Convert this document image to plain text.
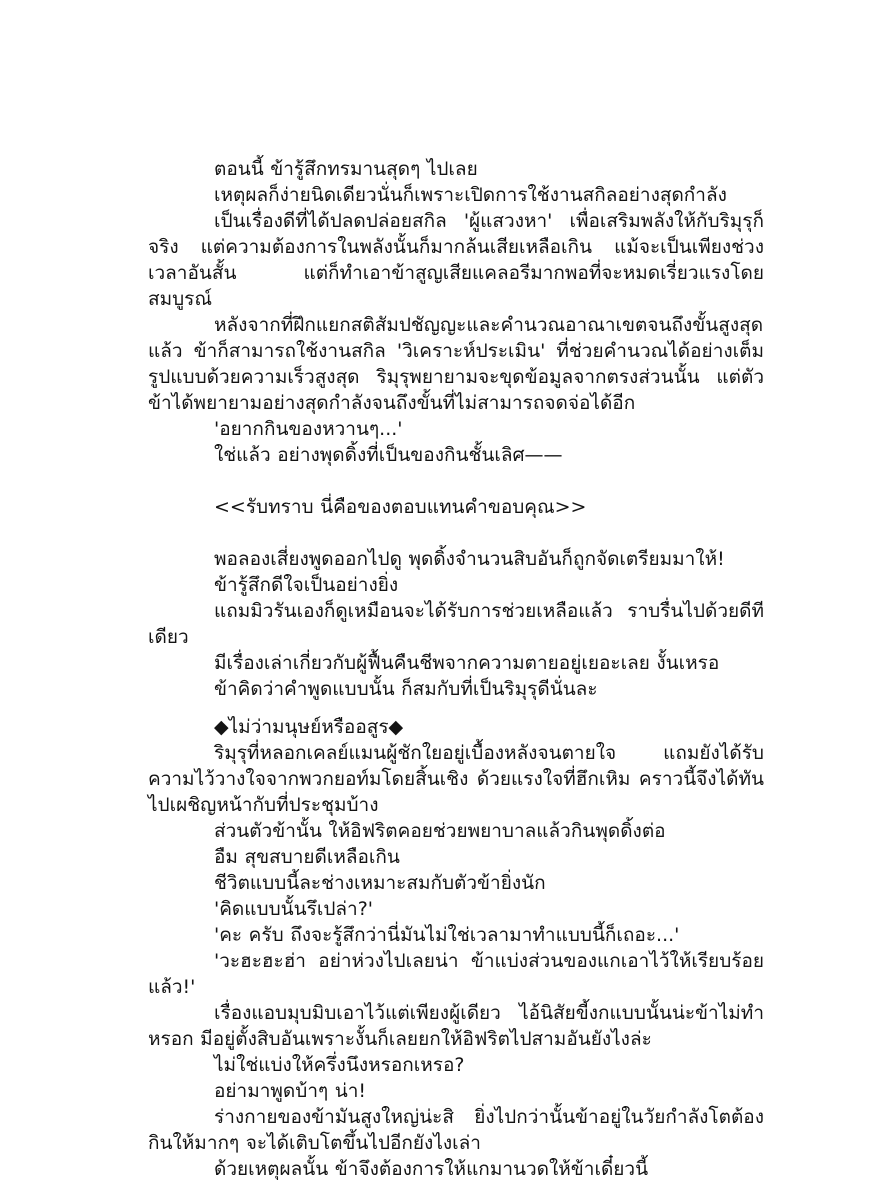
ตอนนี้ ข้ารู้สึกทรมานสุดๆ ไปเลย

เหตุผลก็ง่ายนิดเดียวนั่นก็เพราะเปิดการใช้งานสกิลอย่างสุดกำลัง

เป็นเรื่องดีที่ได้ปลดปล่อยสกิล 'ผู้แสวงหา' เพื่อเสริมพลังให้กับริมุรุก็จริง แต่ความต้องการในพลังนั้นก็มากล้นเสียเหลือเกิน แม้จะเป็นเพียงช่วงเวลาอันสั้น แต่ก็ทำเอาข้าสูญเสียแคลอรีมากพอที่จะหมดเรี่ยวแรงโดยสมบูรณ์

หลังจากที่ฝึกแยกสติสัมปชัญญะและคำนวณอาณาเขตจนถึงขั้นสูงสุดแล้ว ข้าก็สามารถใช้งานสกิล 'วิเคราะห์ประเมิน' ที่ช่วยคำนวณได้อย่างเต็มรูปแบบด้วยความเร็วสูงสุด ริมุรุพยายามจะขุดข้อมูลจากตรงส่วนนั้น แต่ตัวข้าได้พยายามอย่างสุดกำลังจนถึงขั้นที่ไม่สามารถจดจ่อได้อีก

'อยากกินของหวานๆ...'

ใช่แล้ว อย่างพุดดิ้งที่เป็นของกินชั้นเลิศ——

<<รับทราบ นี่คือของตอบแทนคำขอบคุณ>>

พอลองเสี่ยงพูดออกไปดู พุดดิ้งจำนวนสิบอันก็ถูกจัดเตรียมมาให้!

ข้ารู้สึกดีใจเป็นอย่างยิ่ง

แถมมิวรันเองก็ดูเหมือนจะได้รับการช่วยเหลือแล้ว ราบรื่นไปด้วยดีทีเดียว

มีเรื่องเล่าเกี่ยวกับผู้ฟื้นคืนชีพจากความตายอยู่เยอะเลย งั้นเหรอ

ข้าคิดว่าคำพูดแบบนั้น ก็สมกับที่เป็นริมุรุดีนั่นละ

◆ไม่ว่ามนุษย์หรืออสูร◆

ริมุรุที่หลอกเคลย์แมนผู้ชักใยอยู่เบื้องหลังจนตายใจ แถมยังได้รับความไว้วางใจจากพวกยอท์มโดยสิ้นเชิง ด้วยแรงใจที่ฮึกเหิม คราวนี้จึงได้ทันไปเผชิญหน้ากับที่ประชุมบ้าง

ส่วนตัวข้านั้น ให้อิฟริตคอยช่วยพยาบาลแล้วกินพุดดิ้งต่อ

อืม สุขสบายดีเหลือเกิน

ชีวิตแบบนี้ละช่างเหมาะสมกับตัวข้ายิ่งนัก

'คิดแบบนั้นรึเปล่า?'

'คะ ครับ ถึงจะรู้สึกว่านี่มันไม่ใช่เวลามาทำแบบนี้ก็เถอะ...'

'วะฮะฮะฮ่า อย่าห่วงไปเลยน่า ข้าแบ่งส่วนของแกเอาไว้ให้เรียบร้อยแล้ว!'

เรื่องแอบมุบมิบเอาไว้แต่เพียงผู้เดียว ไอ้นิสัยขี้งกแบบนั้นน่ะข้าไม่ทำหรอก มีอยู่ตั้งสิบอันเพราะงั้นก็เลยยกให้อิฟริตไปสามอันยังไงล่ะ

ไม่ใช่แบ่งให้ครึ่งนึงหรอกเหรอ?

อย่ามาพูดบ้าๆ น่า!

ร่างกายของข้ามันสูงใหญ่น่ะสิ ยิ่งไปกว่านั้นข้าอยู่ในวัยกำลังโตต้องกินให้มากๆ จะได้เติบโตขึ้นไปอีกยังไงเล่า

ด้วยเหตุผลนั้น ข้าจึงต้องการให้แกมานวดให้ข้าเดี๋ยวนี้
